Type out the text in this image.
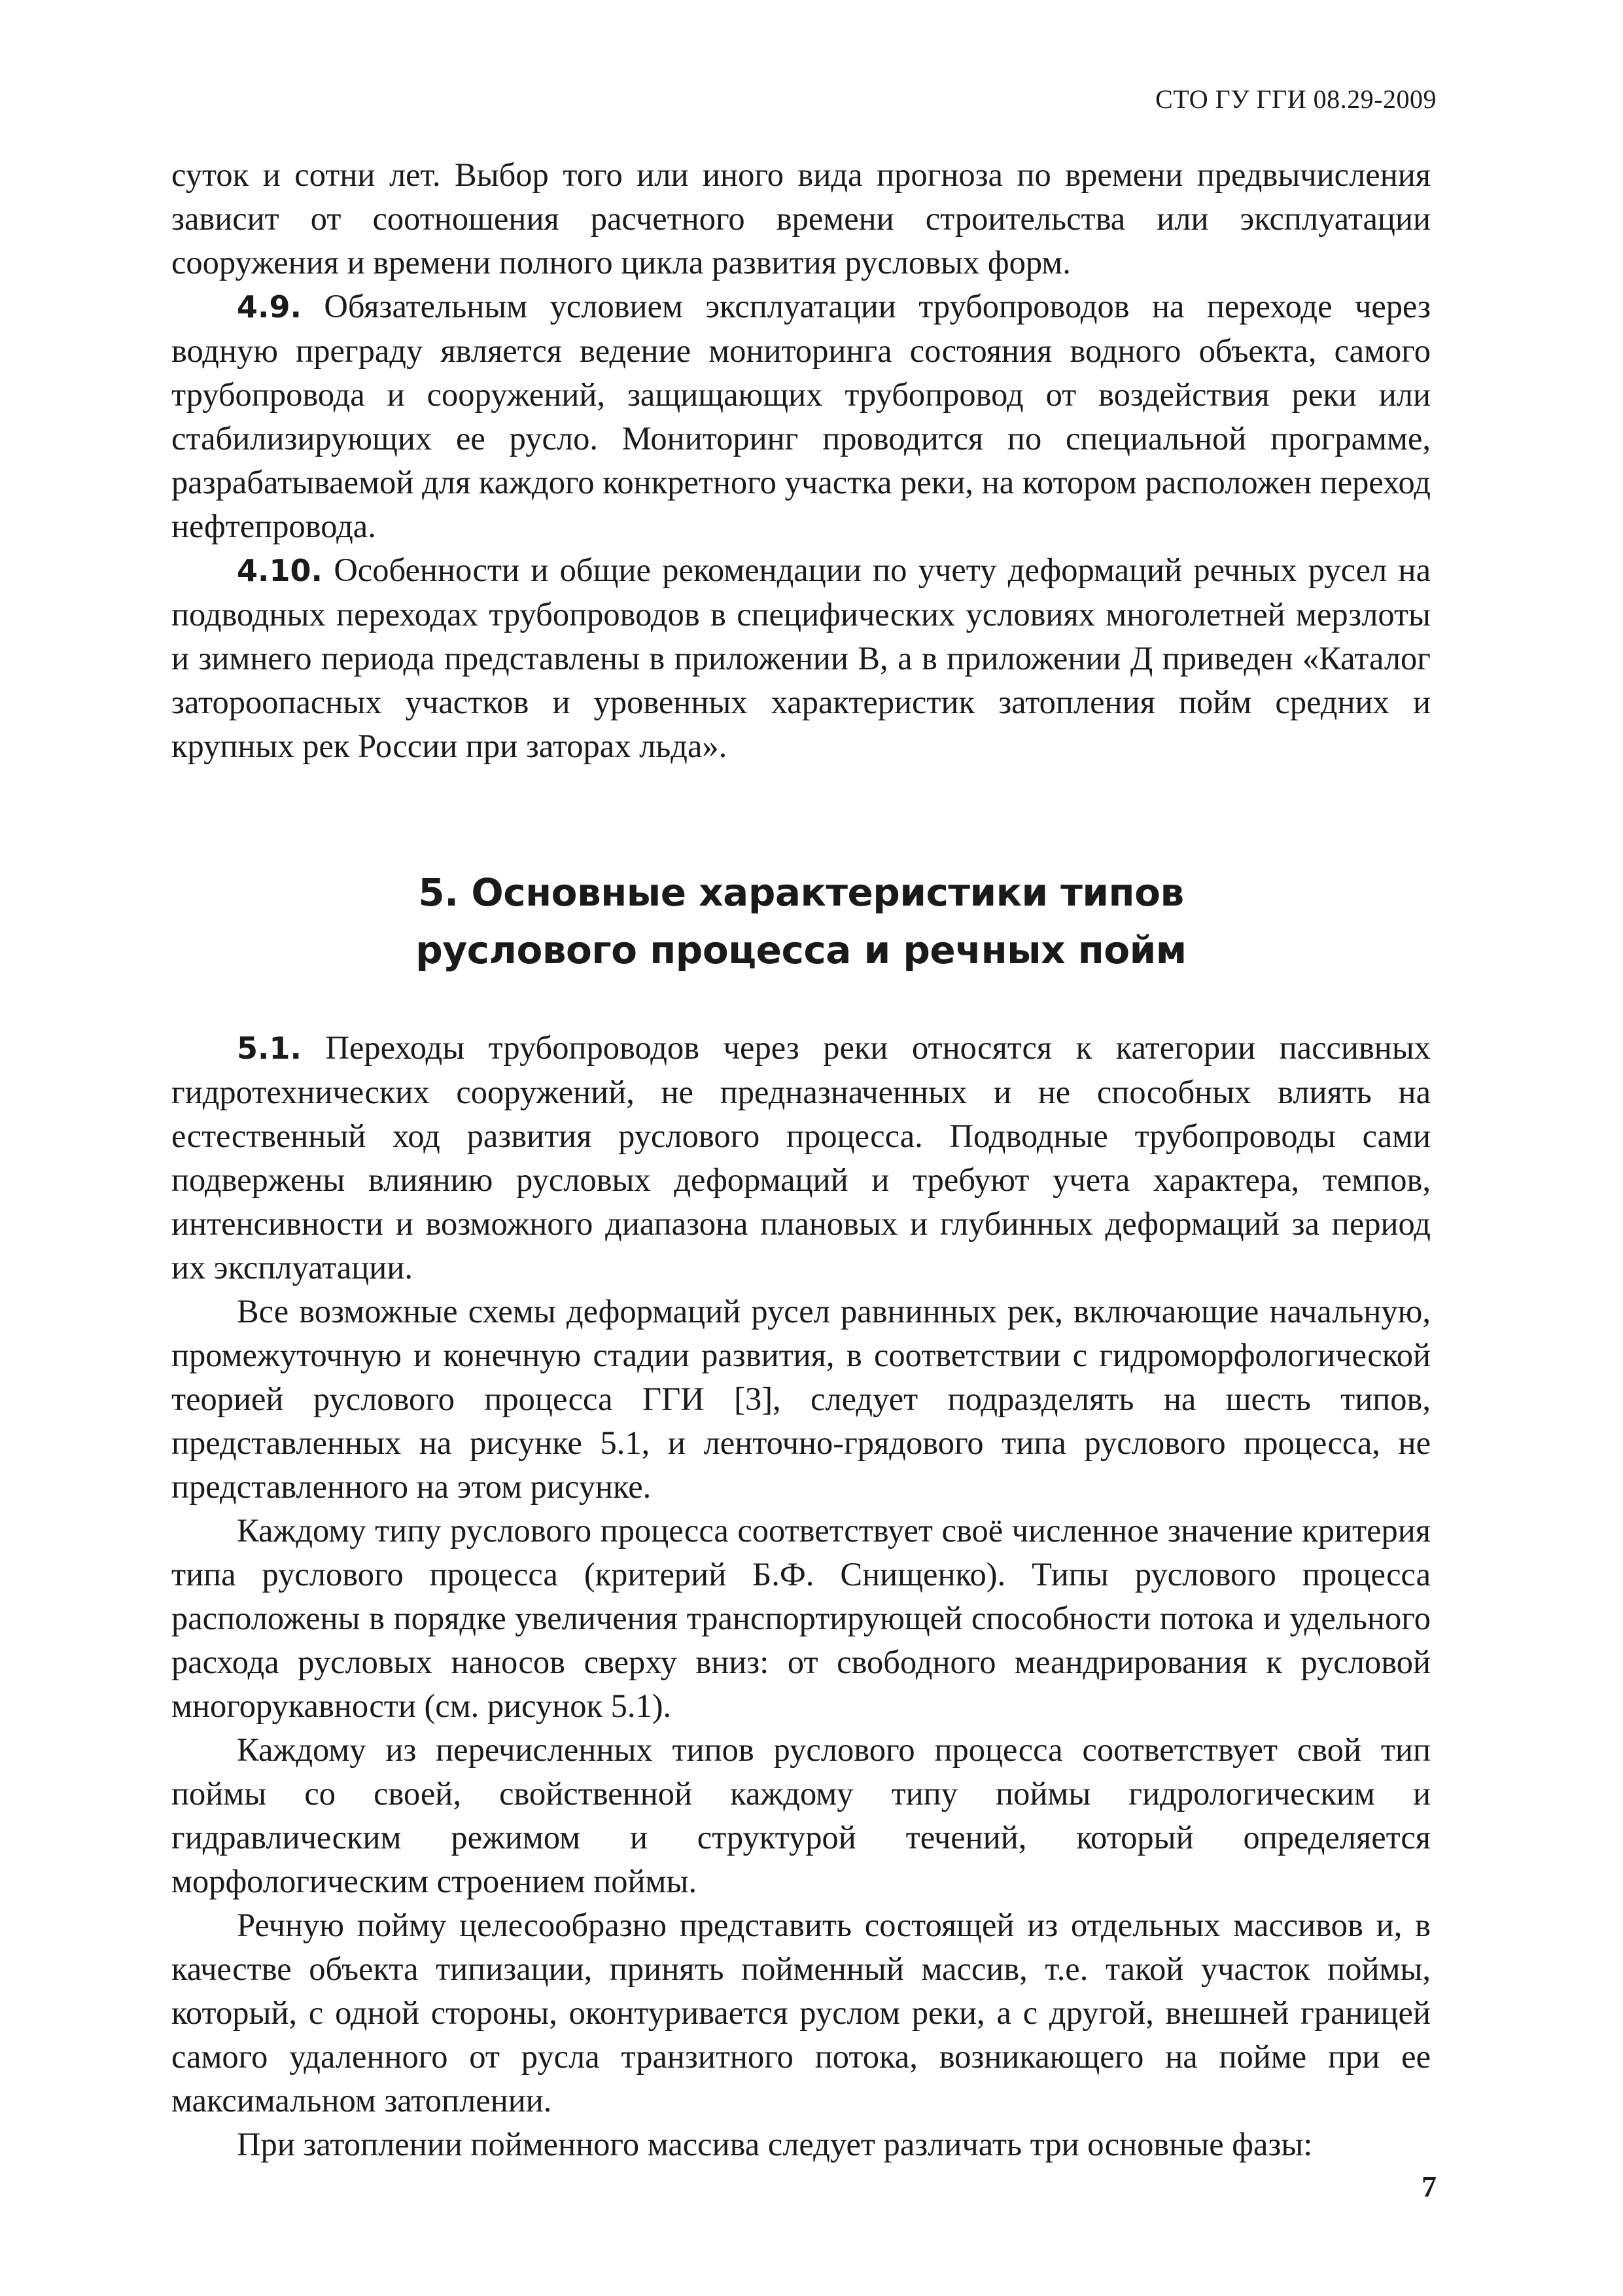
СТО ГУ ГГИ 08.29-2009

суток и сотни лет. Выбор того или иного вида прогноза по времени предвычисления зависит от соотношения расчетного времени строительства или эксплуатации сооружения и времени полного цикла развития русловых форм.

4.9. Обязательным условием эксплуатации трубопроводов на переходе через водную преграду является ведение мониторинга состояния водного объекта, самого трубопровода и сооружений, защищающих трубопровод от воздействия реки или стабилизирующих ее русло. Мониторинг проводится по специальной программе, разрабатываемой для каждого конкретного участка реки, на котором расположен переход нефтепровода.

4.10. Особенности и общие рекомендации по учету деформаций речных русел на подводных переходах трубопроводов в специфических условиях многолетней мерзлоты и зимнего периода представлены в приложении В, а в приложении Д приведен «Каталог заторoопасных участков и уровенных характеристик затопления пойм средних и крупных рек России при заторах льда».

5. Основные характеристики типов
руслового процесса и речных пойм

5.1. Переходы трубопроводов через реки относятся к категории пассивных гидротехнических сооружений, не предназначенных и не способных влиять на естественный ход развития руслового процесса. Подводные трубопроводы сами подвержены влиянию русловых деформаций и требуют учета характера, темпов, интенсивности и возможного диапазона плановых и глубинных деформаций за период их эксплуатации.

Все возможные схемы деформаций русел равнинных рек, включающие начальную, промежуточную и конечную стадии развития, в соответствии с гидроморфологической теорией руслового процесса ГГИ [3], следует подразделять на шесть типов, представленных на рисунке 5.1, и ленточно-грядового типа руслового процесса, не представленного на этом рисунке.

Каждому типу руслового процесса соответствует своё численное значение критерия типа руслового процесса (критерий Б.Ф. Снищенко). Типы руслового процесса расположены в порядке увеличения транспортирующей способности потока и удельного расхода русловых наносов сверху вниз: от свободного меандрирования к русловой многорукавности (см. рисунок 5.1).

Каждому из перечисленных типов руслового процесса соответствует свой тип поймы со своей, свойственной каждому типу поймы гидрологическим и гидравлическим режимом и структурой течений, который определяется морфологическим строением поймы.

Речную пойму целесообразно представить состоящей из отдельных массивов и, в качестве объекта типизации, принять пойменный массив, т.е. такой участок поймы, который, с одной стороны, оконтуривается руслом реки, а с другой, внешней границей самого удаленного от русла транзитного потока, возникающего на пойме при ее максимальном затоплении.

При затоплении пойменного массива следует различать три основные фазы:

7
